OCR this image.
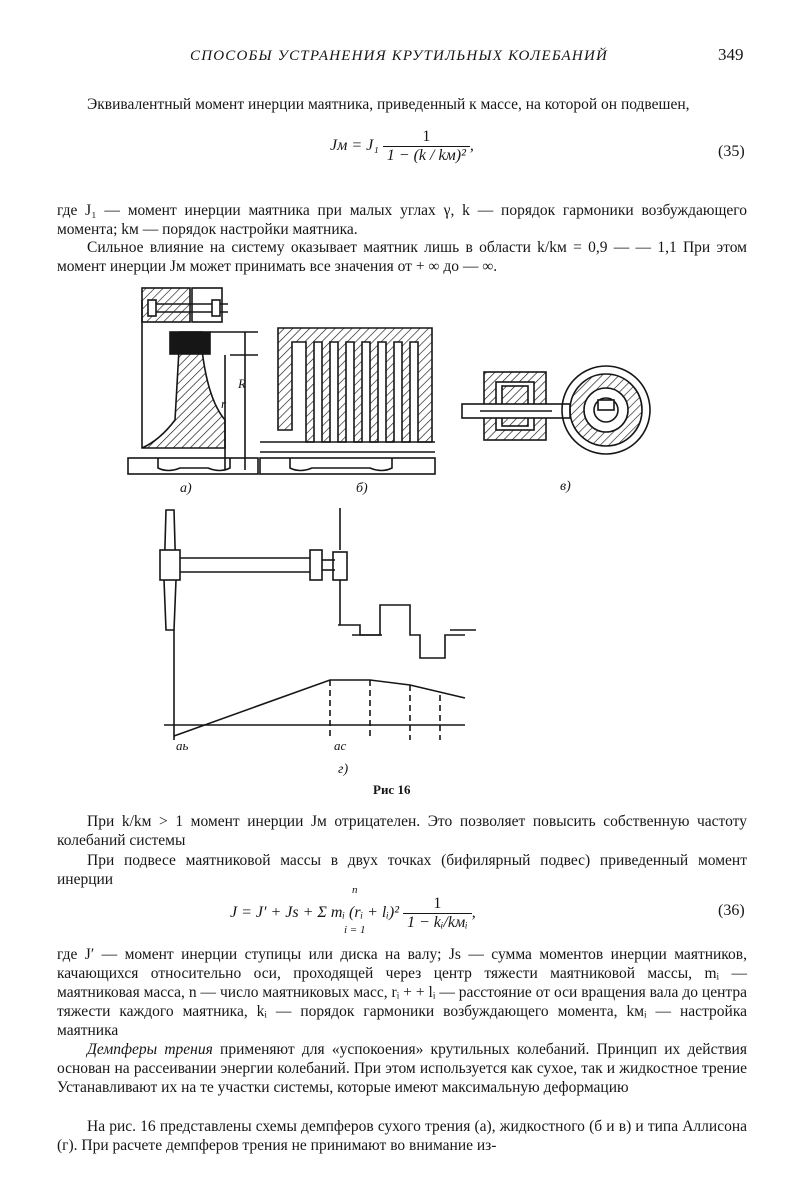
СПОСОБЫ УСТРАНЕНИЯ КРУТИЛЬНЫХ КОЛЕБАНИЙ	349
Эквивалентный момент инерции маятника, приведенный к массе, на которой он подвешен,
Jм = $J_1 \frac{1}{\text{1 − (k / kм)²}}$ ,	(35)
где J₁ — момент инерции маятника при малых углах γ, k — порядок гармоники возбуждающего момента; kм — порядок настройки маятника.
Сильное влияние на систему оказывает маятник лишь в области k/kм = 0,9 — — 1,1 При этом момент инерции Jм может принимать все значения от + ∞ до — ∞.
r
R
а)	б)	в)
aь	ac
г)
Рис 16
При k/kм > 1 момент инерции Jм отрицателен. Это позволяет повысить собственную частоту колебаний системы
При подвесе маятниковой массы в двух точках (бифилярный подвес) приведенный момент инерции
J = J′ + Js + Σ mᵢ (rᵢ + lᵢ)² $\frac{1}{\text{1 − kᵢ/kмᵢ}}$ ,
n
i = 1
(36)
где J′ — момент инерции ступицы или диска на валу; Js — сумма моментов инерции маятников, качающихся относительно оси, проходящей через центр тяжести маятниковой массы, mᵢ — маятниковая масса, n — число маятниковых масс, rᵢ + + lᵢ — расстояние от оси вращения вала до центра тяжести каждого маятника, kᵢ — порядок гармоники возбуждающего момента, kмᵢ — настройка маятника
Демпферы трения применяют для «успокоения» крутильных колебаний. Принцип их действия основан на рассеивании энергии колебаний. При этом используется как сухое, так и жидкостное трение Устанавливают их на те участки системы, которые имеют максимальную деформацию
На рис. 16 представлены схемы демпферов сухого трения (а), жидкостного (б и в) и типа Аллисона (г). При расчете демпферов трения не принимают во внимание из-
